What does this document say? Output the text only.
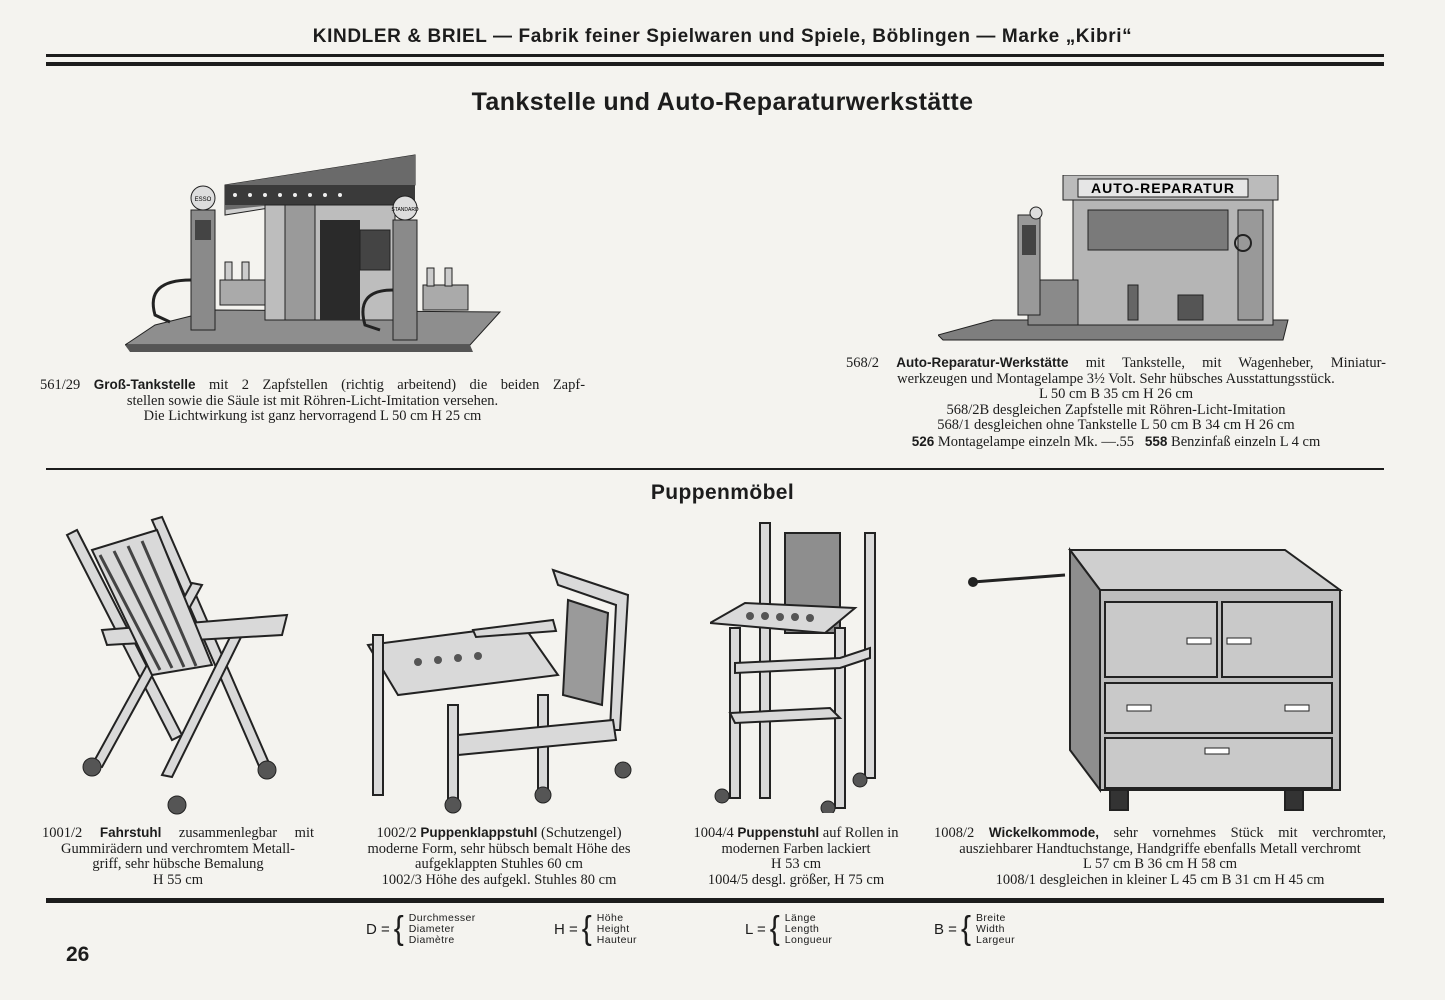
KINDLER & BRIEL — Fabrik feiner Spielwaren und Spiele, Böblingen — Marke „Kibri“
Tankstelle und Auto-Reparaturwerkstätte
ESSO
STANDARD
561/29 Groß-Tankstelle mit 2 Zapfstellen (richtig arbeitend) die beiden Zapf-
stellen sowie die Säule ist mit Röhren-Licht-Imitation versehen.
Die Lichtwirkung ist ganz hervorragend L 50 cm H 25 cm
AUTO-REPARATUR
568/2 Auto-Reparatur-Werkstätte mit Tankstelle, mit Wagenheber, Miniatur-
werkzeugen und Montagelampe 3½ Volt. Sehr hübsches Ausstattungsstück.
L 50 cm B 35 cm H 26 cm
568/2B desgleichen Zapfstelle mit Röhren-Licht-Imitation
568/1 desgleichen ohne Tankstelle L 50 cm B 34 cm H 26 cm
526 Montagelampe einzeln Mk. —.55 558 Benzinfaß einzeln L 4 cm
Puppenmöbel
1001/2 Fahrstuhl zusammenlegbar mit
Gummirädern und verchromtem Metall-
griff, sehr hübsche Bemalung
H 55 cm
1002/2 Puppenklappstuhl (Schutzengel)
moderne Form, sehr hübsch bemalt Höhe des
aufgeklappten Stuhles 60 cm
1002/3 Höhe des aufgekl. Stuhles 80 cm
1004/4 Puppenstuhl auf Rollen in
modernen Farben lackiert
H 53 cm
1004/5 desgl. größer, H 75 cm
1008/2 Wickelkommode, sehr vornehmes Stück mit verchromter,
ausziehbarer Handtuchstange, Handgriffe ebenfalls Metall verchromt
L 57 cm B 36 cm H 58 cm
1008/1 desgleichen in kleiner L 45 cm B 31 cm H 45 cm
D = { Durchmesser
Diameter
Diamètre
H = { Höhe
Height
Hauteur
L = { Länge
Length
Longueur
B = { Breite
Width
Largeur
26
